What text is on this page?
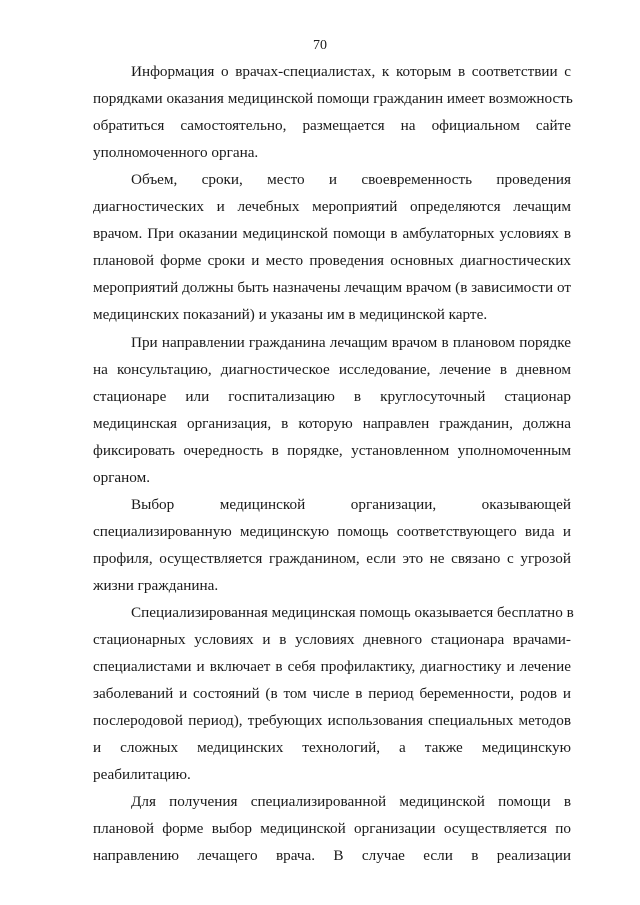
70
Информация о врачах-специалистах, к которым в соответствии с
порядками оказания медицинской помощи гражданин имеет возможность
обратиться самостоятельно, размещается на официальном сайте
уполномоченного органа.
Объем, сроки, место и своевременность проведения
диагностических и лечебных мероприятий определяются лечащим
врачом. При оказании медицинской помощи в амбулаторных условиях в
плановой форме сроки и место проведения основных диагностических
мероприятий должны быть назначены лечащим врачом (в зависимости от
медицинских показаний) и указаны им в медицинской карте.
При направлении гражданина лечащим врачом в плановом порядке
на консультацию, диагностическое исследование, лечение в дневном
стационаре или госпитализацию в круглосуточный стационар
медицинская организация, в которую направлен гражданин, должна
фиксировать очередность в порядке, установленном уполномоченным
органом.
Выбор медицинской организации, оказывающей
специализированную медицинскую помощь соответствующего вида и
профиля, осуществляется гражданином, если это не связано с угрозой
жизни гражданина.
Специализированная медицинская помощь оказывается бесплатно в
стационарных условиях и в условиях дневного стационара врачами-
специалистами и включает в себя профилактику, диагностику и лечение
заболеваний и состояний (в том числе в период беременности, родов и
послеродовой период), требующих использования специальных методов
и сложных медицинских технологий, а также медицинскую
реабилитацию.
Для получения специализированной медицинской помощи в
плановой форме выбор медицинской организации осуществляется по
направлению лечащего врача. В случае если в реализации
